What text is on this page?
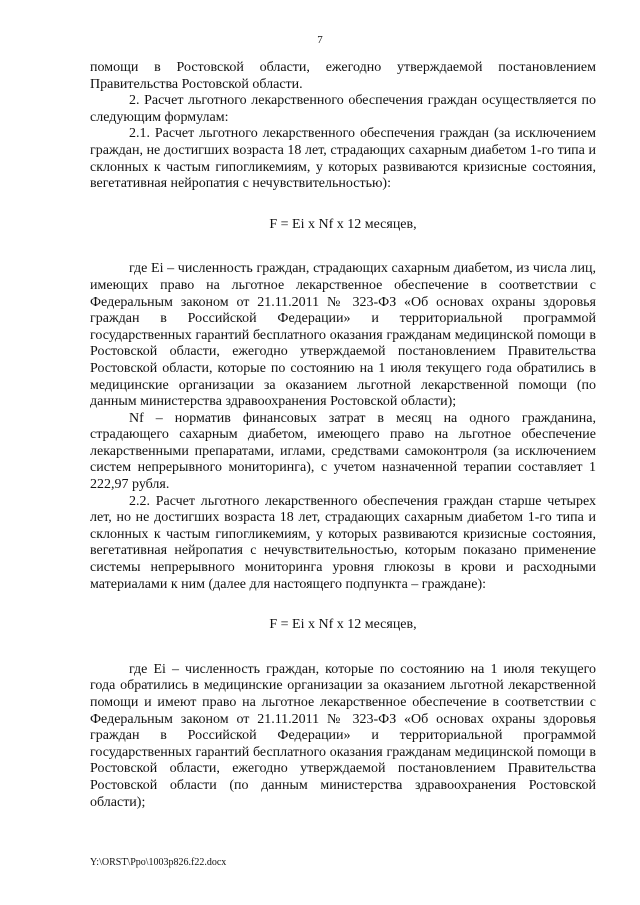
7

помощи в Ростовской области, ежегодно утверждаемой постановлением Правительства Ростовской области.

2. Расчет льготного лекарственного обеспечения граждан осуществляется по следующим формулам:

2.1. Расчет льготного лекарственного обеспечения граждан (за исключением граждан, не достигших возраста 18 лет, страдающих сахарным диабетом 1-го типа и склонных к частым гипогликемиям, у которых развиваются кризисные состояния, вегетативная нейропатия с нечувствительностью):

F = Ei x Nf x 12 месяцев,

где Ei – численность граждан, страдающих сахарным диабетом, из числа лиц, имеющих право на льготное лекарственное обеспечение в соответствии с Федеральным законом от 21.11.2011 № 323-ФЗ «Об основах охраны здоровья граждан в Российской Федерации» и территориальной программой государственных гарантий бесплатного оказания гражданам медицинской помощи в Ростовской области, ежегодно утверждаемой постановлением Правительства Ростовской области, которые по состоянию на 1 июля текущего года обратились в медицинские организации за оказанием льготной лекарственной помощи (по данным министерства здравоохранения Ростовской области);

Nf – норматив финансовых затрат в месяц на одного гражданина, страдающего сахарным диабетом, имеющего право на льготное обеспечение лекарственными препаратами, иглами, средствами самоконтроля (за исключением систем непрерывного мониторинга), с учетом назначенной терапии составляет 1 222,97 рубля.

2.2. Расчет льготного лекарственного обеспечения граждан старше четырех лет, но не достигших возраста 18 лет, страдающих сахарным диабетом 1-го типа и склонных к частым гипогликемиям, у которых развиваются кризисные состояния, вегетативная нейропатия с нечувствительностью, которым показано применение системы непрерывного мониторинга уровня глюкозы в крови и расходными материалами к ним (далее для настоящего подпункта – граждане):

F = Ei x Nf x 12 месяцев,

где Ei – численность граждан, которые по состоянию на 1 июля текущего года обратились в медицинские организации за оказанием льготной лекарственной помощи и имеют право на льготное лекарственное обеспечение в соответствии с Федеральным законом от 21.11.2011 № 323-ФЗ «Об основах охраны здоровья граждан в Российской Федерации» и территориальной программой государственных гарантий бесплатного оказания гражданам медицинской помощи в Ростовской области, ежегодно утверждаемой постановлением Правительства Ростовской области (по данным министерства здравоохранения Ростовской области);

Y:\ORST\Ppo\1003p826.f22.docx
